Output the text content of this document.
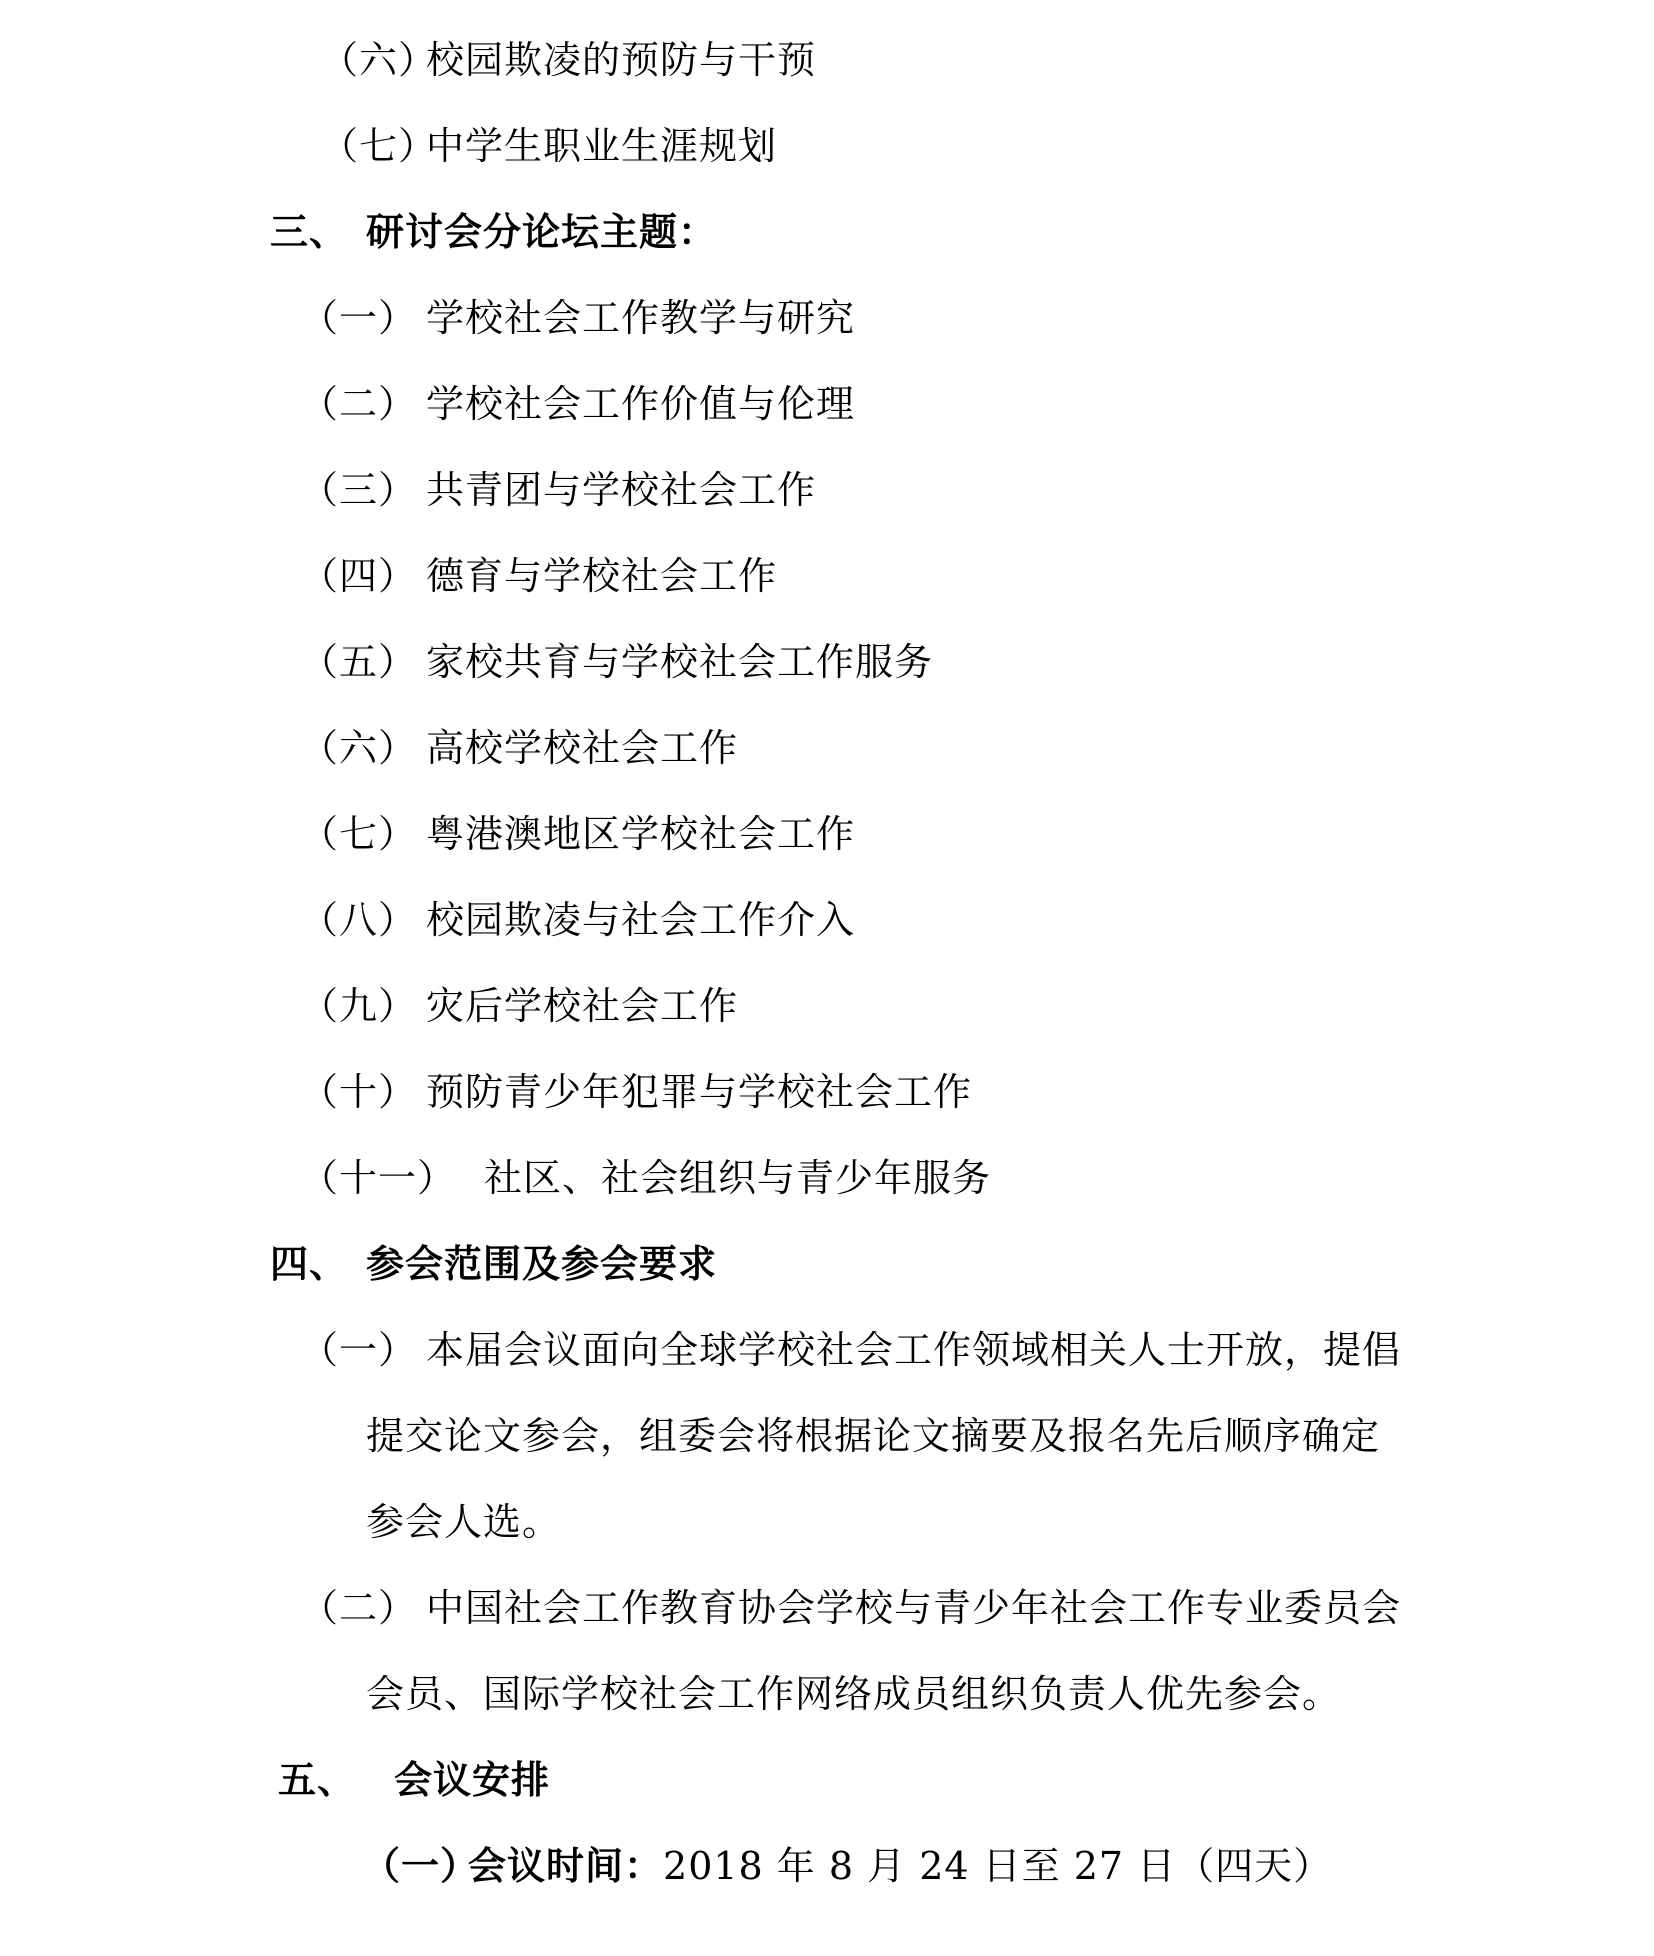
（六）
校园欺凌的预防与干预
（七）
中学生职业生涯规划
三、 研讨会分论坛主题：
（一） 学校社会工作教学与研究
（二） 学校社会工作价值与伦理
（三） 共青团与学校社会工作
（四） 德育与学校社会工作
（五） 家校共育与学校社会工作服务
（六） 高校学校社会工作
（七） 粤港澳地区学校社会工作
（八） 校园欺凌与社会工作介入
（九） 灾后学校社会工作
（十） 预防青少年犯罪与学校社会工作
（十一） 社区、社会组织与青少年服务
四、 参会范围及参会要求
（一） 本届会议面向全球学校社会工作领域相关人士开放，提倡
提交论文参会，组委会将根据论文摘要及报名先后顺序确定
参会人选。
（二） 中国社会工作教育协会学校与青少年社会工作专业委员会
会员、国际学校社会工作网络成员组织负责人优先参会。
五、 会议安排
（一）
会议时间：2018 年 8 月 24 日至 27 日（四天）
